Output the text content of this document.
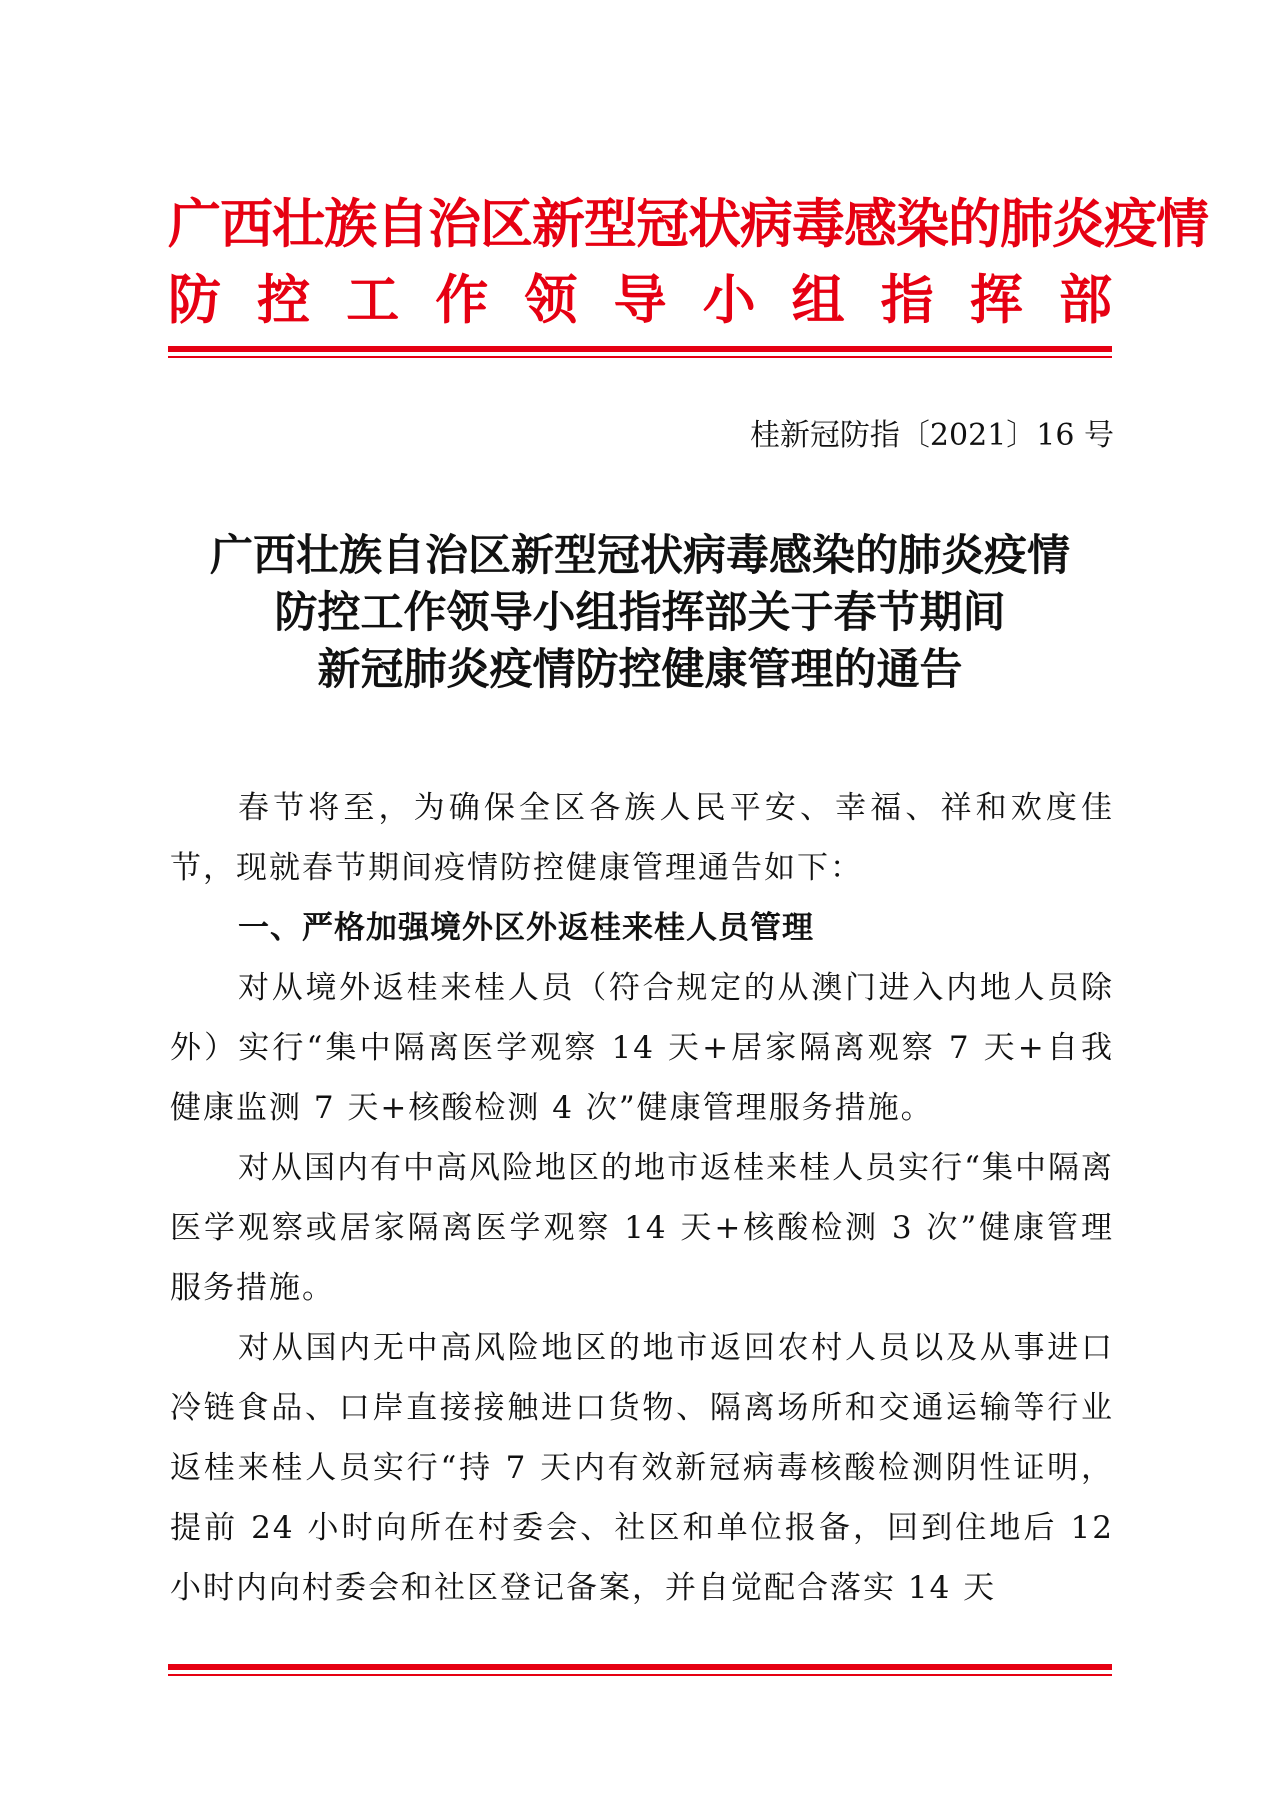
广西壮族自治区新型冠状病毒感染的肺炎疫情
防 控 工 作 领 导 小 组 指 挥 部
桂新冠防指〔2021〕16 号
广西壮族自治区新型冠状病毒感染的肺炎疫情
防控工作领导小组指挥部关于春节期间
新冠肺炎疫情防控健康管理的通告

春节将至，为确保全区各族人民平安、幸福、祥和欢度佳节，现就春节期间疫情防控健康管理通告如下：

一、严格加强境外区外返桂来桂人员管理

对从境外返桂来桂人员（符合规定的从澳门进入内地人员除外）实行“集中隔离医学观察 14 天+居家隔离观察 7 天+自我健康监测 7 天+核酸检测 4 次”健康管理服务措施。

对从国内有中高风险地区的地市返桂来桂人员实行“集中隔离医学观察或居家隔离医学观察 14 天+核酸检测 3 次”健康管理服务措施。

对从国内无中高风险地区的地市返回农村人员以及从事进口冷链食品、口岸直接接触进口货物、隔离场所和交通运输等行业返桂来桂人员实行“持 7 天内有效新冠病毒核酸检测阴性证明，提前 24 小时向所在村委会、社区和单位报备，回到住地后 12 小时内向村委会和社区登记备案，并自觉配合落实 14 天
